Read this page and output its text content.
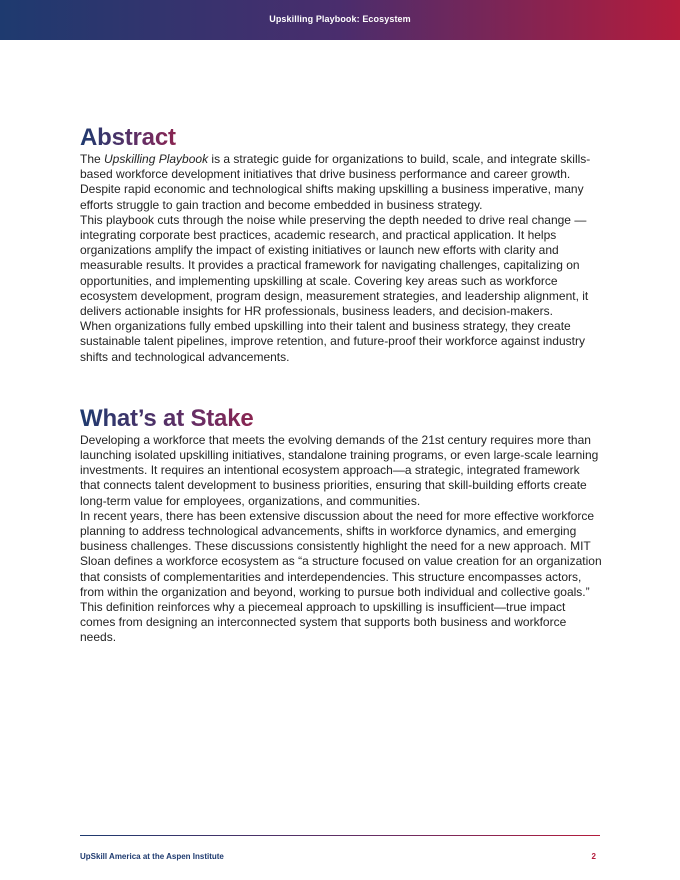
Upskilling Playbook: Ecosystem
Abstract

The Upskilling Playbook is a strategic guide for organizations to build, scale, and integrate skills-based workforce development initiatives that drive business performance and career growth. Despite rapid economic and technological shifts making upskilling a business imperative, many efforts struggle to gain traction and become embedded in business strategy.

This playbook cuts through the noise while preserving the depth needed to drive real change — integrating corporate best practices, academic research, and practical application. It helps organizations amplify the impact of existing initiatives or launch new efforts with clarity and measurable results. It provides a practical framework for navigating challenges, capitalizing on opportunities, and implementing upskilling at scale. Covering key areas such as workforce ecosystem development, program design, measurement strategies, and leadership alignment, it delivers actionable insights for HR professionals, business leaders, and decision-makers.

When organizations fully embed upskilling into their talent and business strategy, they create sustainable talent pipelines, improve retention, and future-proof their workforce against industry shifts and technological advancements.

What’s at Stake

Developing a workforce that meets the evolving demands of the 21st century requires more than launching isolated upskilling initiatives, standalone training programs, or even large-scale learning investments. It requires an intentional ecosystem approach—a strategic, integrated framework that connects talent development to business priorities, ensuring that skill-building efforts create long-term value for employees, organizations, and communities.

In recent years, there has been extensive discussion about the need for more effective workforce planning to address technological advancements, shifts in workforce dynamics, and emerging business challenges. These discussions consistently highlight the need for a new approach. MIT Sloan defines a workforce ecosystem as “a structure focused on value creation for an organization that consists of complementarities and interdependencies. This structure encompasses actors, from within the organization and beyond, working to pursue both individual and collective goals.” This definition reinforces why a piecemeal approach to upskilling is insufficient—true impact comes from designing an interconnected system that supports both business and workforce needs.

UpSkill America at the Aspen Institute	2
